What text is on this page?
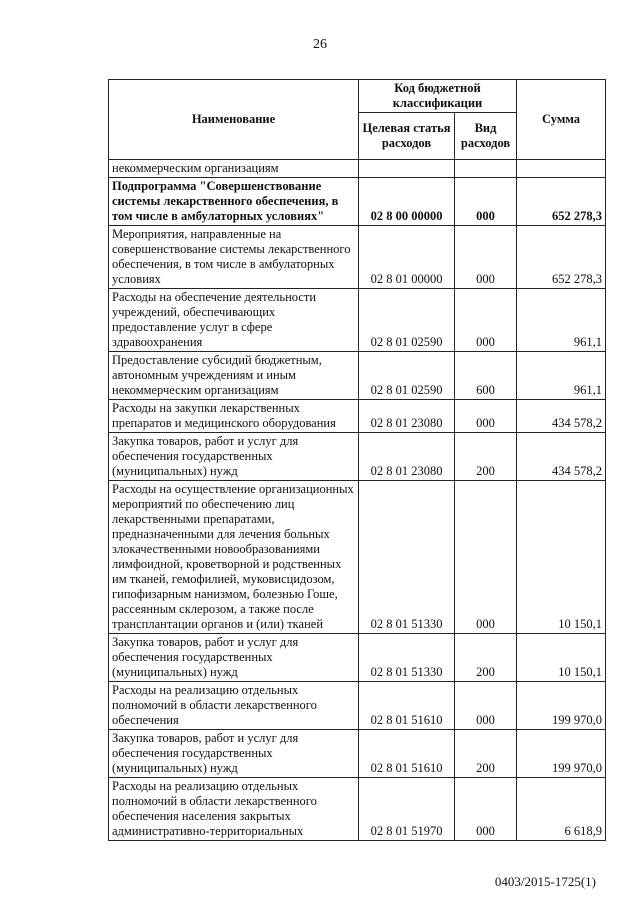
26
Наименование	Код бюджетной классификации		Сумма
	Целевая статья расходов	Вид расходов	
некоммерческим организациям			
Подпрограмма "Совершенствование системы лекарственного обеспечения, в том числе в амбулаторных условиях"	02 8 00 00000	000	652 278,3
Мероприятия, направленные на совершенствование системы лекарственного обеспечения, в том числе в амбулаторных условиях	02 8 01 00000	000	652 278,3
Расходы на обеспечение деятельности учреждений, обеспечивающих предоставление услуг в сфере здравоохранения	02 8 01 02590	000	961,1
Предоставление субсидий бюджетным, автономным учреждениям и иным некоммерческим организациям	02 8 01 02590	600	961,1
Расходы на закупки лекарственных препаратов и медицинского оборудования	02 8 01 23080	000	434 578,2
Закупка товаров, работ и услуг для обеспечения государственных (муниципальных) нужд	02 8 01 23080	200	434 578,2
Расходы на осуществление организационных мероприятий по обеспечению лиц лекарственными препаратами, предназначенными для лечения больных злокачественными новообразованиями лимфоидной, кроветворной и родственных им тканей, гемофилией, муковисцидозом, гипофизарным нанизмом, болезнью Гоше, рассеянным склерозом, а также после трансплантации органов и (или) тканей	02 8 01 51330	000	10 150,1
Закупка товаров, работ и услуг для обеспечения государственных (муниципальных) нужд	02 8 01 51330	200	10 150,1
Расходы на реализацию отдельных полномочий в области лекарственного обеспечения	02 8 01 51610	000	199 970,0
Закупка товаров, работ и услуг для обеспечения государственных (муниципальных) нужд	02 8 01 51610	200	199 970,0
Расходы на реализацию отдельных полномочий в области лекарственного обеспечения населения закрытых административно-территориальных	02 8 01 51970	000	6 618,9
0403/2015-1725(1)
